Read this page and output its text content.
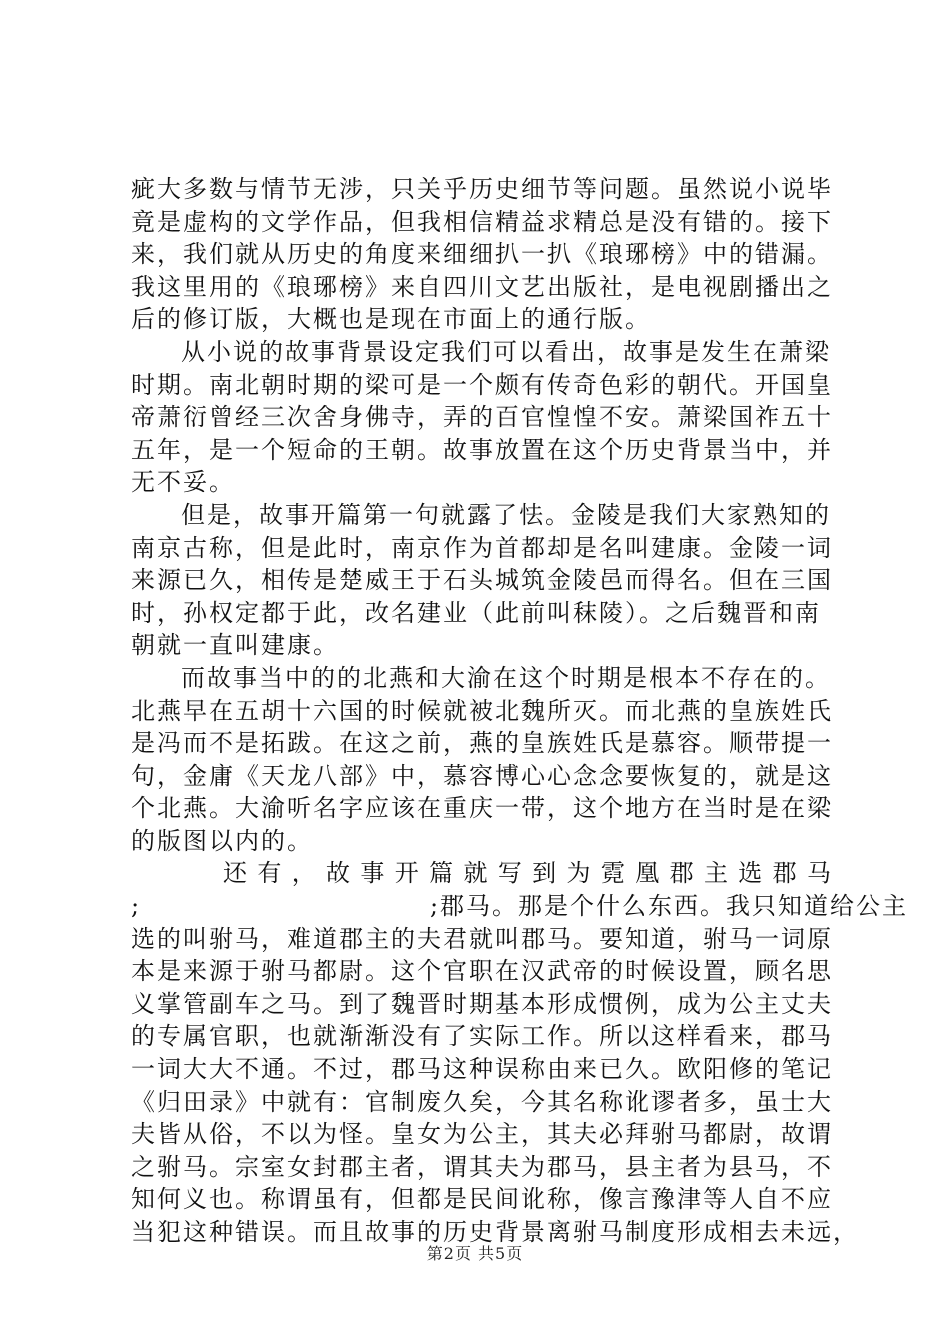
疵大多数与情节无涉，只关乎历史细节等问题。虽然说小说毕
竟是虚构的文学作品，但我相信精益求精总是没有错的。接下
来，我们就从历史的角度来细细扒一扒《琅琊榜》中的错漏。
我这里用的《琅琊榜》来自四川文艺出版社，是电视剧播出之
后的修订版，大概也是现在市面上的通行版。
从小说的故事背景设定我们可以看出，故事是发生在萧梁
时期。南北朝时期的梁可是一个颇有传奇色彩的朝代。开国皇
帝萧衍曾经三次舍身佛寺，弄的百官惶惶不安。萧梁国祚五十
五年，是一个短命的王朝。故事放置在这个历史背景当中，并
无不妥。
但是，故事开篇第一句就露了怯。金陵是我们大家熟知的
南京古称，但是此时，南京作为首都却是名叫建康。金陵一词
来源已久，相传是楚威王于石头城筑金陵邑而得名。但在三国
时，孙权定都于此，改名建业（此前叫秣陵）。之后魏晋和南
朝就一直叫建康。
而故事当中的的北燕和大渝在这个时期是根本不存在的。
北燕早在五胡十六国的时候就被北魏所灭。而北燕的皇族姓氏
是冯而不是拓跋。在这之前，燕的皇族姓氏是慕容。顺带提一
句，金庸《天龙八部》中，慕容博心心念念要恢复的，就是这
个北燕。大渝听名字应该在重庆一带，这个地方在当时是在梁
的版图以内的。
还有，故事开篇就写到为霓凰郡主选郡马
;                              ;郡马。那是个什么东西。我只知道给公主
选的叫驸马，难道郡主的夫君就叫郡马。要知道，驸马一词原
本是来源于驸马都尉。这个官职在汉武帝的时候设置，顾名思
义掌管副车之马。到了魏晋时期基本形成惯例，成为公主丈夫
的专属官职，也就渐渐没有了实际工作。所以这样看来，郡马
一词大大不通。不过，郡马这种误称由来已久。欧阳修的笔记
《归田录》中就有：官制废久矣，今其名称讹谬者多，虽士大
夫皆从俗，不以为怪。皇女为公主，其夫必拜驸马都尉，故谓
之驸马。宗室女封郡主者，谓其夫为郡马，县主者为县马，不
知何义也。称谓虽有，但都是民间讹称，像言豫津等人自不应
当犯这种错误。而且故事的历史背景离驸马制度形成相去未远，
第2页 共5页
